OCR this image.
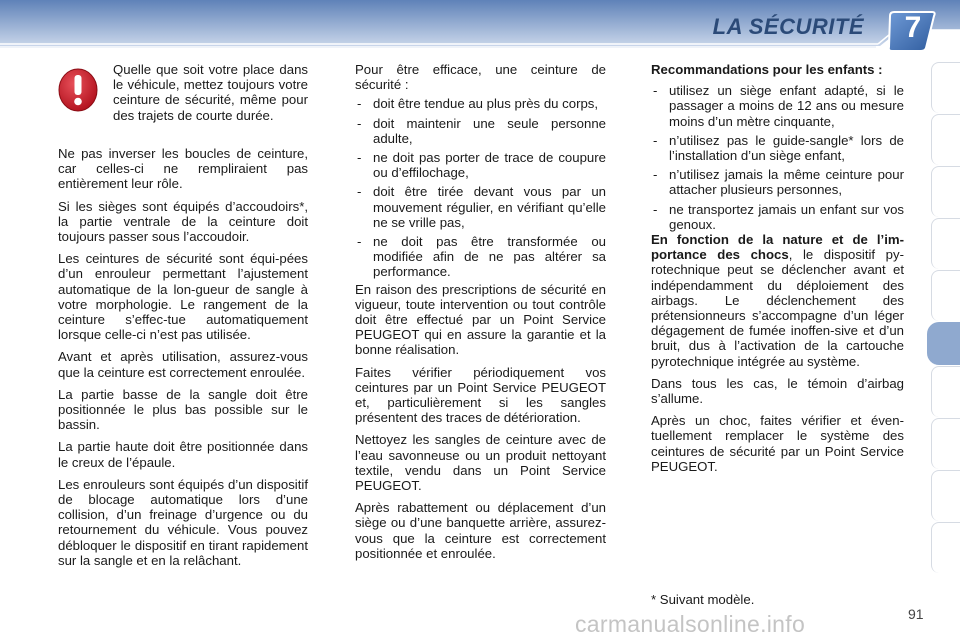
LA SÉCURITÉ	7
Quelle que soit votre place dans le véhicule, mettez toujours votre ceinture de sécurité, même pour des trajets de courte durée.

Ne pas inverser les boucles de ceinture, car celles-ci ne rempliraient pas entièrement leur rôle.

Si les sièges sont équipés d’accoudoirs*, la partie ventrale de la ceinture doit toujours passer sous l’accoudoir.

Les ceintures de sécurité sont équi-pées d’un enrouleur permettant l’ajustement automatique de la lon-gueur de sangle à votre morphologie. Le rangement de la ceinture s’effec-tue automatiquement lorsque celle-ci n’est pas utilisée.

Avant et après utilisation, assurez-vous que la ceinture est correctement enroulée.

La partie basse de la sangle doit être positionnée le plus bas possible sur le bassin.

La partie haute doit être positionnée dans le creux de l’épaule.

Les enrouleurs sont équipés d’un dispositif de blocage automatique lors d’une collision, d’un freinage d’urgence ou du retournement du véhicule. Vous pouvez débloquer le dispositif en tirant rapidement sur la sangle et en la relâchant.

Pour être efficace, une ceinture de sécurité :

- doit être tendue au plus près du corps,
- doit maintenir une seule personne adulte,
- ne doit pas porter de trace de coupure ou d’effilochage,
- doit être tirée devant vous par un mouvement régulier, en vérifiant qu’elle ne se vrille pas,
- ne doit pas être transformée ou modifiée afin de ne pas altérer sa performance.

En raison des prescriptions de sécurité en vigueur, toute intervention ou tout contrôle doit être effectué par un Point Service PEUGEOT qui en assure la garantie et la bonne réalisation.

Faites vérifier périodiquement vos ceintures par un Point Service PEUGEOT et, particulièrement si les sangles présentent des traces de détérioration.

Nettoyez les sangles de ceinture avec de l’eau savonneuse ou un produit nettoyant textile, vendu dans un Point Service PEUGEOT.

Après rabattement ou déplacement d’un siège ou d’une banquette arrière, assurez-vous que la ceinture est correctement positionnée et enroulée.

Recommandations pour les enfants :

- utilisez un siège enfant adapté, si le passager a moins de 12 ans ou mesure moins d’un mètre cinquante,
- n’utilisez pas le guide-sangle* lors de l’installation d’un siège enfant,
- n’utilisez jamais la même ceinture pour attacher plusieurs personnes,
- ne transportez jamais un enfant sur vos genoux.

En fonction de la nature et de l’im-portance des chocs, le dispositif py-rotechnique peut se déclencher avant et indépendamment du déploiement des airbags. Le déclenchement des prétensionneurs s’accompagne d’un léger dégagement de fumée inoffen-sive et d’un bruit, dus à l’activation de la cartouche pyrotechnique intégrée au système.

Dans tous les cas, le témoin d’airbag s’allume.

Après un choc, faites vérifier et éven-tuellement remplacer le système des ceintures de sécurité par un Point Service PEUGEOT.

* Suivant modèle.
carmanualsonline.info	91
